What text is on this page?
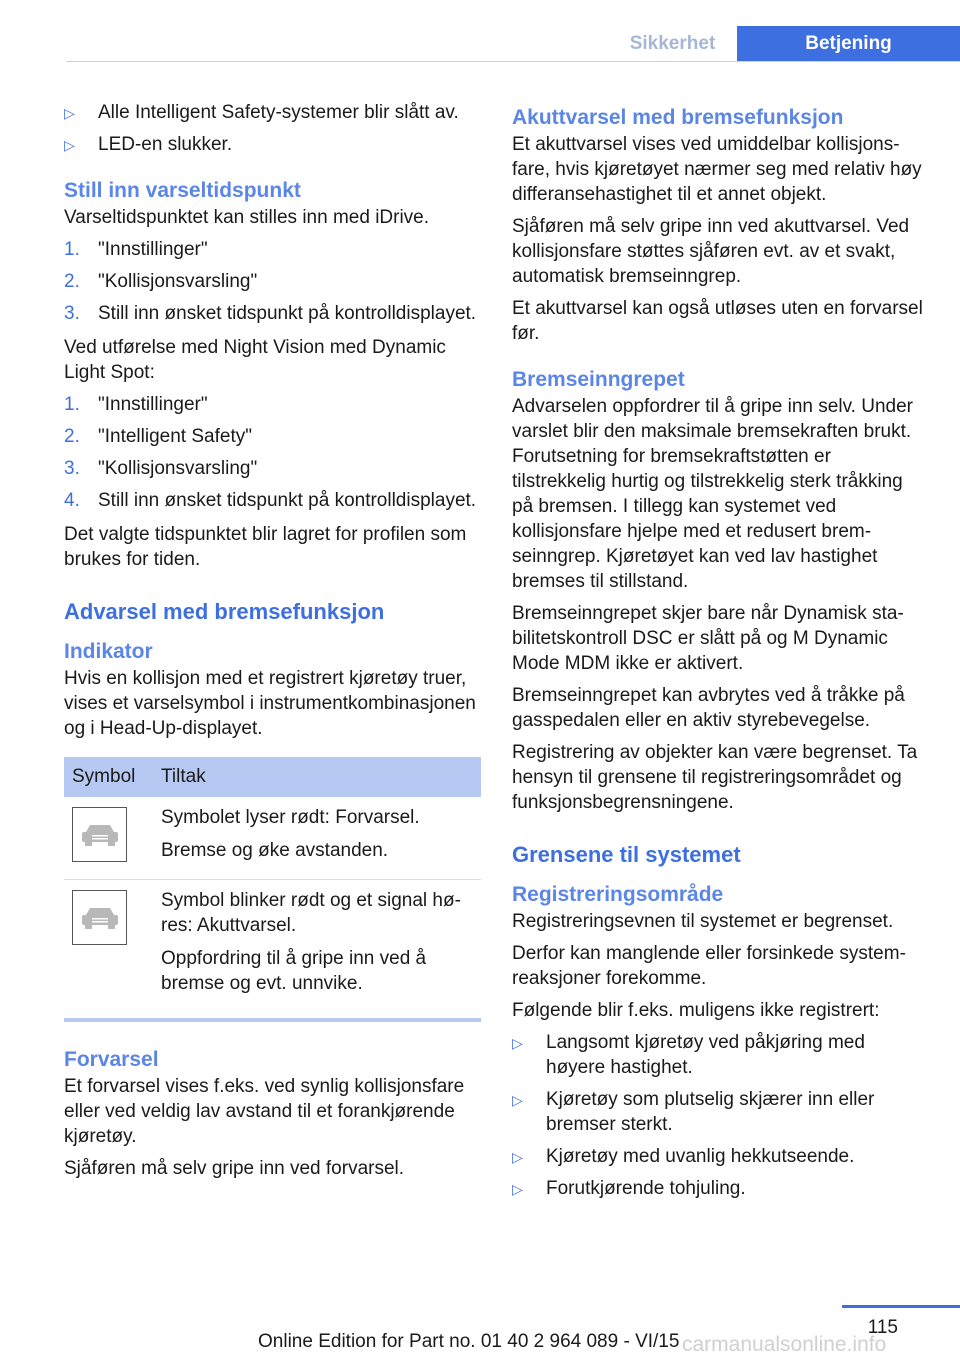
Sikkerhet	Betjening
▷ Alle Intelligent Safety-systemer blir slått av.
▷ LED-en slukker.
Still inn varseltidspunkt

Varseltidspunktet kan stilles inn med iDrive.

1. "Innstillinger"
2. "Kollisjonsvarsling"
3. Still inn ønsket tidspunkt på kontrolldisplayet.

Ved utførelse med Night Vision med Dynamic Light Spot:

1. "Innstillinger"
2. "Intelligent Safety"
3. "Kollisjonsvarsling"
4. Still inn ønsket tidspunkt på kontrolldisplayet.

Det valgte tidspunktet blir lagret for profilen som brukes for tiden.

Advarsel med bremsefunksjon
Indikator

Hvis en kollisjon med et registrert kjøretøy truer, vises et varselsymbol i instrumentkombinasjonen og i Head-Up-displayet.

Symbol	Tiltak

Symbolet lyser rødt: Forvarsel.
Bremse og øke avstanden.

Symbol blinker rødt og et signal høres: Akuttvarsel.
Oppfordring til å gripe inn ved å bremse og evt. unnvike.
Forvarsel

Et forvarsel vises f.eks. ved synlig kollisjonsfare eller ved veldig lav avstand til et forankjørende kjøretøy.

Sjåføren må selv gripe inn ved forvarsel.

Akuttvarsel med bremsefunksjon

Et akuttvarsel vises ved umiddelbar kollisjonsfare, hvis kjøretøyet nærmer seg med relativ høy differansehastighet til et annet objekt.

Sjåføren må selv gripe inn ved akuttvarsel. Ved kollisjonsfare støttes sjåføren evt. av et svakt, automatisk bremseinngrep.

Et akuttvarsel kan også utløses uten en forvarsel før.

Bremseinngrepet

Advarselen oppfordrer til å gripe inn selv. Under varslet blir den maksimale bremsekraften brukt. Forutsetning for bremsekraftstøtten er tilstrekkelig hurtig og tilstrekkelig sterk tråkking på bremsen. I tillegg kan systemet ved kollisjonsfare hjelpe med et redusert bremseinngrep. Kjøretøyet kan ved lav hastighet bremses til stillstand.

Bremseinngrepet skjer bare når Dynamisk stabilitetskontroll DSC er slått på og M Dynamic Mode MDM ikke er aktivert.

Bremseinngrepet kan avbrytes ved å tråkke på gasspedalen eller en aktiv styrebevegelse.

Registrering av objekter kan være begrenset. Ta hensyn til grensene til registreringsområdet og funksjonsbegrensningene.

Grensene til systemet
Registreringsområde

Registreringsevnen til systemet er begrenset.

Derfor kan manglende eller forsinkede systemreaksjoner forekomme.

Følgende blir f.eks. muligens ikke registrert:

▷ Langsomt kjøretøy ved påkjøring med høyere hastighet.
▷ Kjøretøy som plutselig skjærer inn eller bremser sterkt.
▷ Kjøretøy med uvanlig hekkutseende.
▷ Forutkjørende tohjuling.
115
Online Edition for Part no. 01 40 2 964 089 - VI/15 carmanualsonline.info
